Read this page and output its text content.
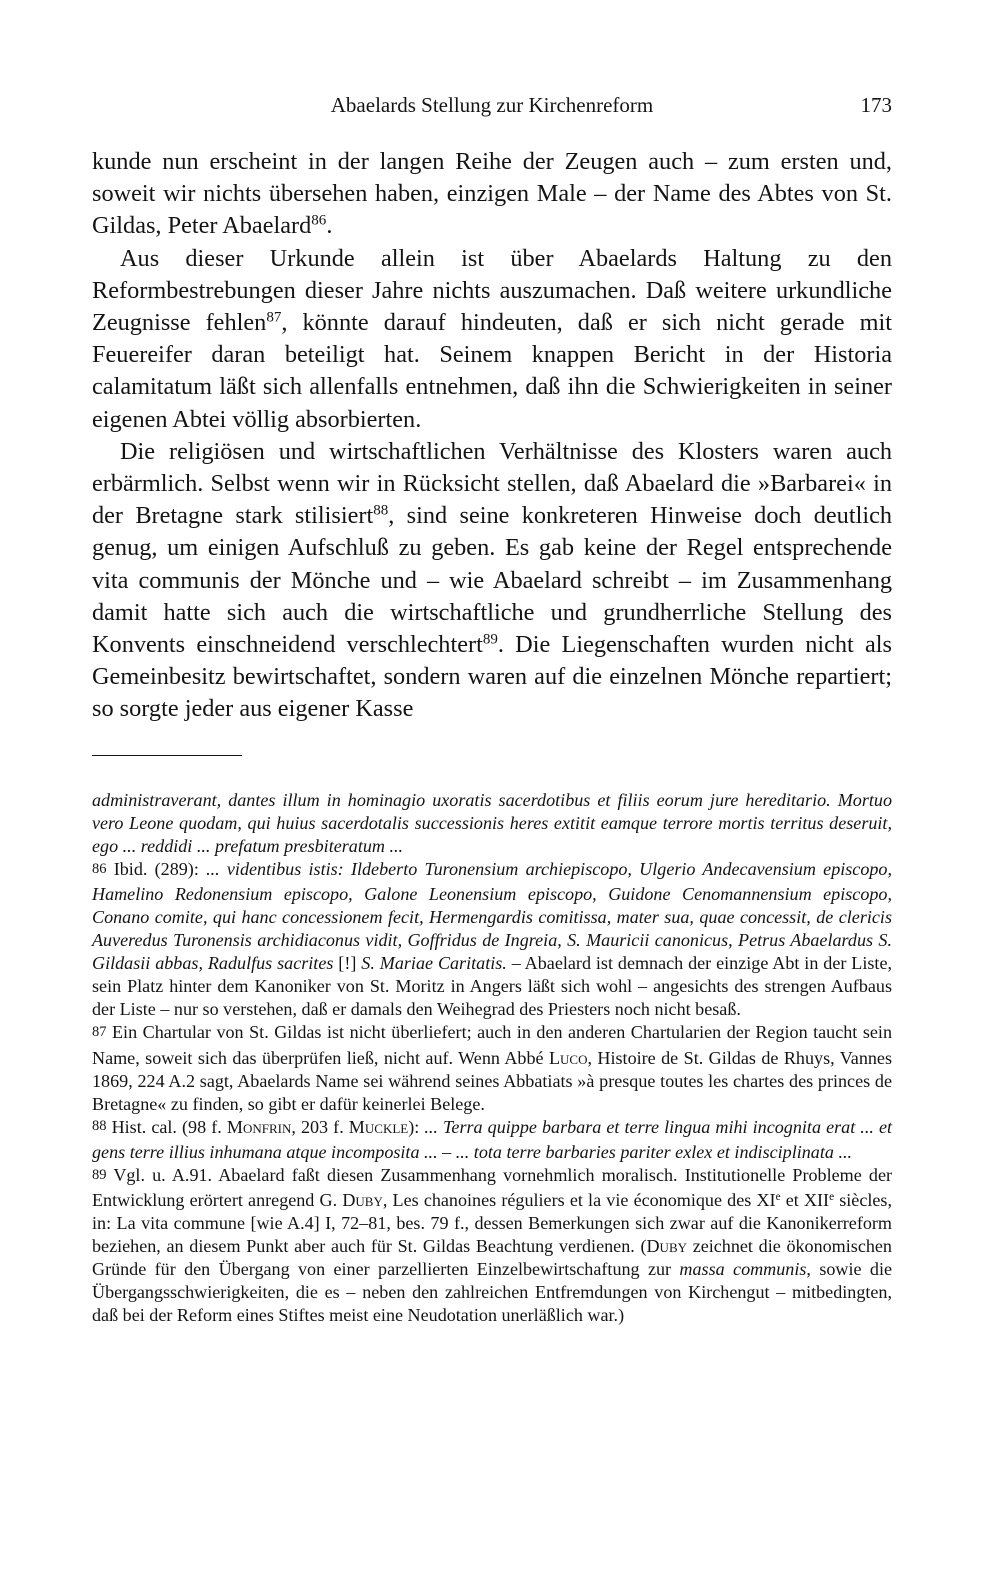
Abaelards Stellung zur Kirchenreform	173

kunde nun erscheint in der langen Reihe der Zeugen auch – zum ersten und, soweit wir nichts übersehen haben, einzigen Male – der Name des Abtes von St. Gildas, Peter Abaelard$^{86}$.

Aus dieser Urkunde allein ist über Abaelards Haltung zu den Reformbestrebungen dieser Jahre nichts auszumachen. Daß weitere urkundliche Zeugnisse fehlen$^{87}$, könnte darauf hindeuten, daß er sich nicht gerade mit Feuereifer daran beteiligt hat. Seinem knappen Bericht in der Historia calamitatum läßt sich allenfalls entnehmen, daß ihn die Schwierigkeiten in seiner eigenen Abtei völlig absorbierten.

Die religiösen und wirtschaftlichen Verhältnisse des Klosters waren auch erbärmlich. Selbst wenn wir in Rücksicht stellen, daß Abaelard die »Barbarei« in der Bretagne stark stilisiert$^{88}$, sind seine konkreteren Hinweise doch deutlich genug, um einigen Aufschluß zu geben. Es gab keine der Regel entsprechende vita communis der Mönche und – wie Abaelard schreibt – im Zusammenhang damit hatte sich auch die wirtschaftliche und grundherrliche Stellung des Konvents einschneidend verschlechtert$^{89}$. Die Liegenschaften wurden nicht als Gemeinbesitz bewirtschaftet, sondern waren auf die einzelnen Mönche repartiert; so sorgte jeder aus eigener Kasse

administraverant, dantes illum in hominagio uxoratis sacerdotibus et filiis eorum jure hereditario. Mortuo vero Leone quodam, qui huius sacerdotalis successionis heres extitit eamque terrore mortis territus deseruit, ego ... reddidi ... prefatum presbiteratum ...

86 Ibid. (289): ... videntibus istis: Ildeberto Turonensium archiepiscopo, Ulgerio Andecavensium episcopo, Hamelino Redonensium episcopo, Galone Leonensium episcopo, Guidone Cenomannensium episcopo, Conano comite, qui hanc concessionem fecit, Hermengardis comitissa, mater sua, quae concessit, de clericis Auveredus Turonensis archidiaconus vidit, Goffridus de Ingreia, S. Mauricii canonicus, Petrus Abaelardus S. Gildasii abbas, Radulfus sacrites [!] S. Mariae Caritatis. – Abaelard ist demnach der einzige Abt in der Liste, sein Platz hinter dem Kanoniker von St. Moritz in Angers läßt sich wohl – angesichts des strengen Aufbaus der Liste – nur so verstehen, daß er damals den Weihegrad des Priesters noch nicht besaß.

87 Ein Chartular von St. Gildas ist nicht überliefert; auch in den anderen Chartularien der Region taucht sein Name, soweit sich das überprüfen ließ, nicht auf. Wenn Abbé Luco, Histoire de St. Gildas de Rhuys, Vannes 1869, 224 A.2 sagt, Abaelards Name sei während seines Abbatiats »à presque toutes les chartes des princes de Bretagne« zu finden, so gibt er dafür keinerlei Belege.

88 Hist. cal. (98 f. Monfrin, 203 f. Muckle): ... Terra quippe barbara et terre lingua mihi incognita erat ... et gens terre illius inhumana atque incomposita ... – ... tota terre barbaries pariter exlex et indisciplinata ...

89 Vgl. u. A.91. Abaelard faßt diesen Zusammenhang vornehmlich moralisch. Institutionelle Probleme der Entwicklung erörtert anregend G. Duby, Les chanoines réguliers et la vie économique des XIe et XIIe siècles, in: La vita commune [wie A.4] I, 72–81, bes. 79 f., dessen Bemerkungen sich zwar auf die Kanonikerreform beziehen, an diesem Punkt aber auch für St. Gildas Beachtung verdienen. (Duby zeichnet die ökonomischen Gründe für den Übergang von einer parzellierten Einzelbewirtschaftung zur massa communis, sowie die Übergangsschwierigkeiten, die es – neben den zahlreichen Entfremdungen von Kirchengut – mitbedingten, daß bei der Reform eines Stiftes meist eine Neudotation unerläßlich war.)
